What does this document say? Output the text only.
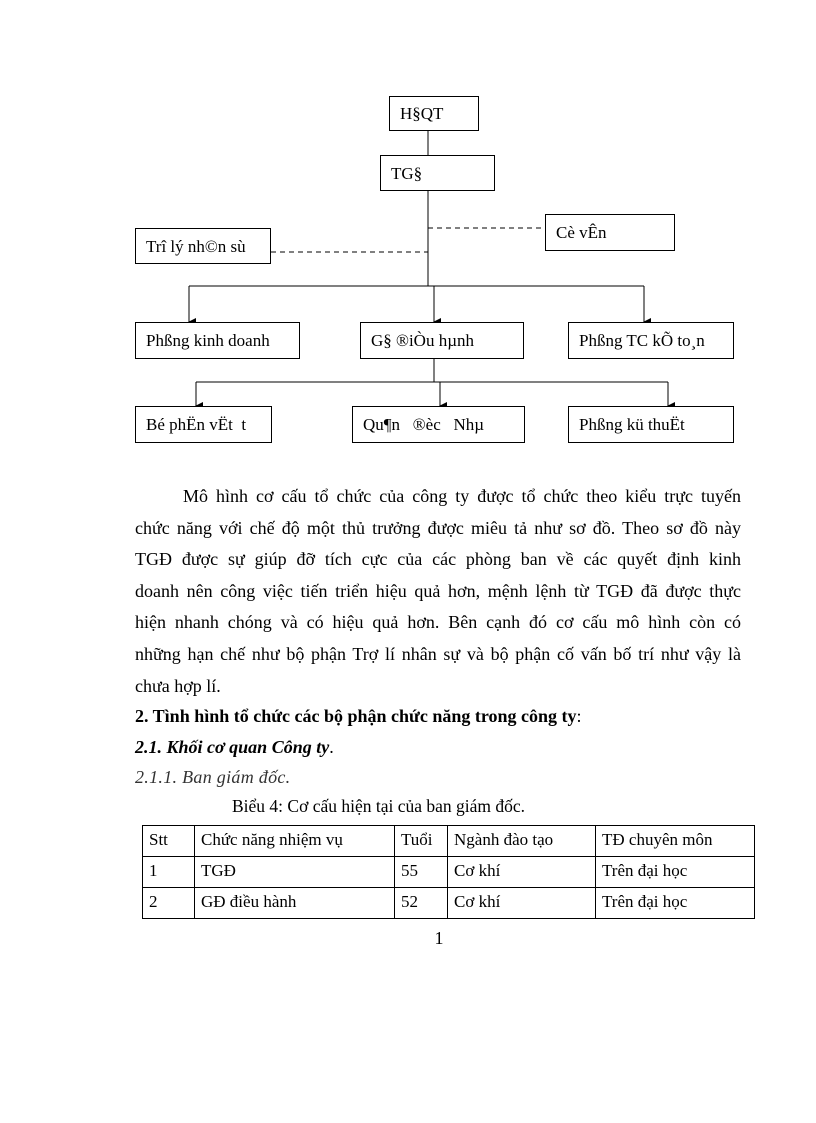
H§QT
TG§
Trî lý nh©n sù
Cè vÊn
Phßng kinh doanh	G§ ®iÒu hµnh	Phßng TC kÕ to¸n
Bé phËn vËt  t	Qu¶n   ®èc   Nhµ	Phßng kü thuËt
Mô hình cơ cấu tổ chức của công ty được tổ chức theo kiểu trực tuyến
chức năng với chế độ một thủ trưởng được miêu tả như sơ đồ. Theo sơ đồ này
TGĐ được sự giúp đỡ tích cực của các phòng ban về các quyết định kinh
doanh nên công việc tiến triển hiệu quả hơn, mệnh lệnh từ TGĐ đã được thực
hiện nhanh chóng và có hiệu quả hơn. Bên cạnh đó cơ cấu mô hình còn có
những hạn chế như bộ phận Trợ lí nhân sự và bộ phận cố vấn bố trí như vậy là
chưa hợp lí.
2. Tình hình tổ chức các bộ phận chức năng trong công ty:
2.1. Khối cơ quan Công ty.
2.1.1. Ban giám đốc.
Biểu 4: Cơ cấu hiện tại của ban giám đốc.
Stt	Chức năng nhiệm vụ	Tuổi	Ngành đào tạo	TĐ chuyên môn
1	TGĐ	55	Cơ khí	Trên đại học
2	GĐ điều hành	52	Cơ khí	Trên đại học
1
